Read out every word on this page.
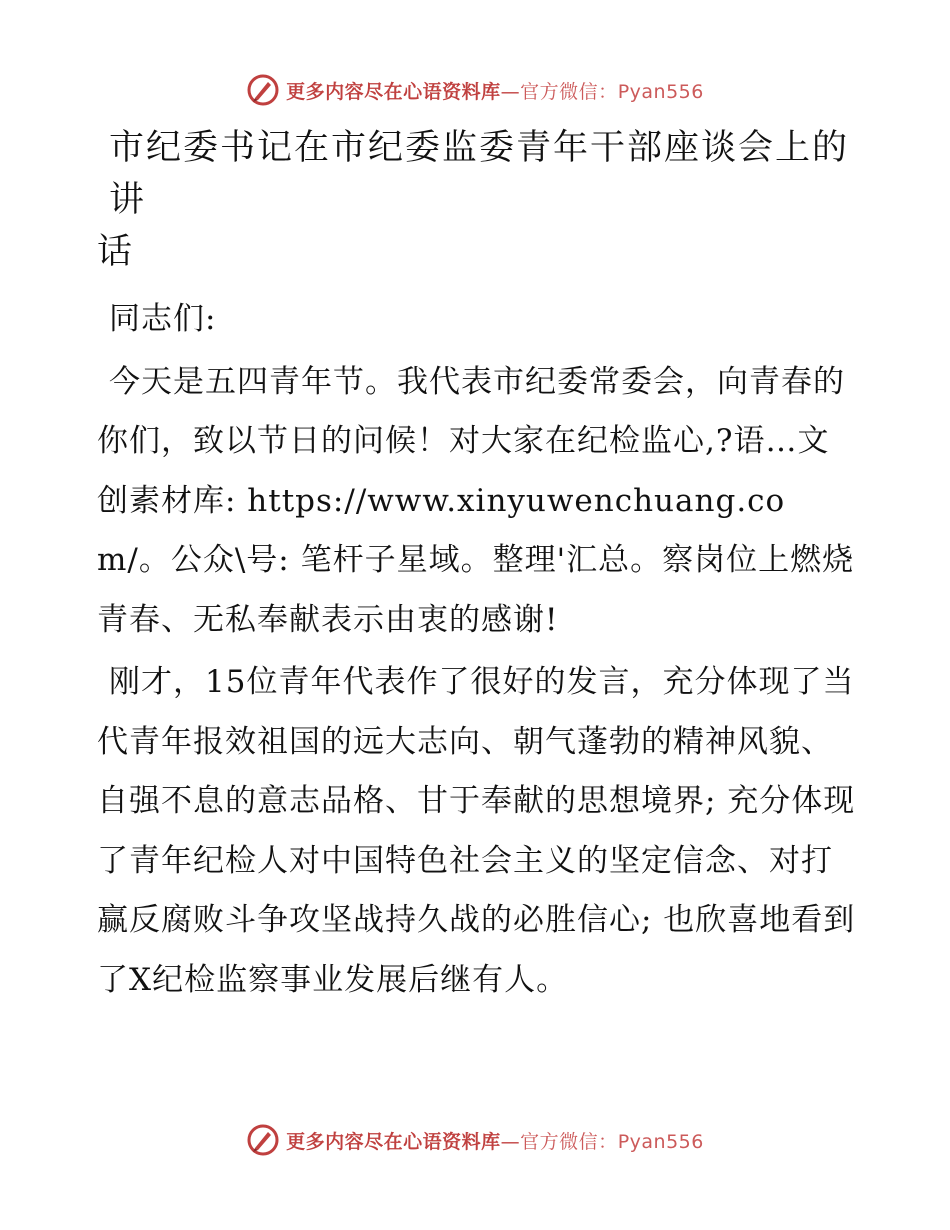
更多内容尽在心语资料库—官方微信：Pyan556
市纪委书记在市纪委监委青年干部座谈会上的讲
话

同志们:

今天是五四青年节。我代表市纪委常委会，向青春的你们，致以节日的问候！对大家在纪检监心,?语…文创素材库: https://www.xinyuwenchuang.com/。公众\号: 笔杆子星域。整理'汇总。察岗位上燃烧青春、无私奉献表示由衷的感谢!

刚才，15位青年代表作了很好的发言，充分体现了当代青年报效祖国的远大志向、朝气蓬勃的精神风貌、自强不息的意志品格、甘于奉献的思想境界; 充分体现了青年纪检人对中国特色社会主义的坚定信念、对打赢反腐败斗争攻坚战持久战的必胜信心; 也欣喜地看到了X纪检监察事业发展后继有人。

更多内容尽在心语资料库—官方微信：Pyan556
